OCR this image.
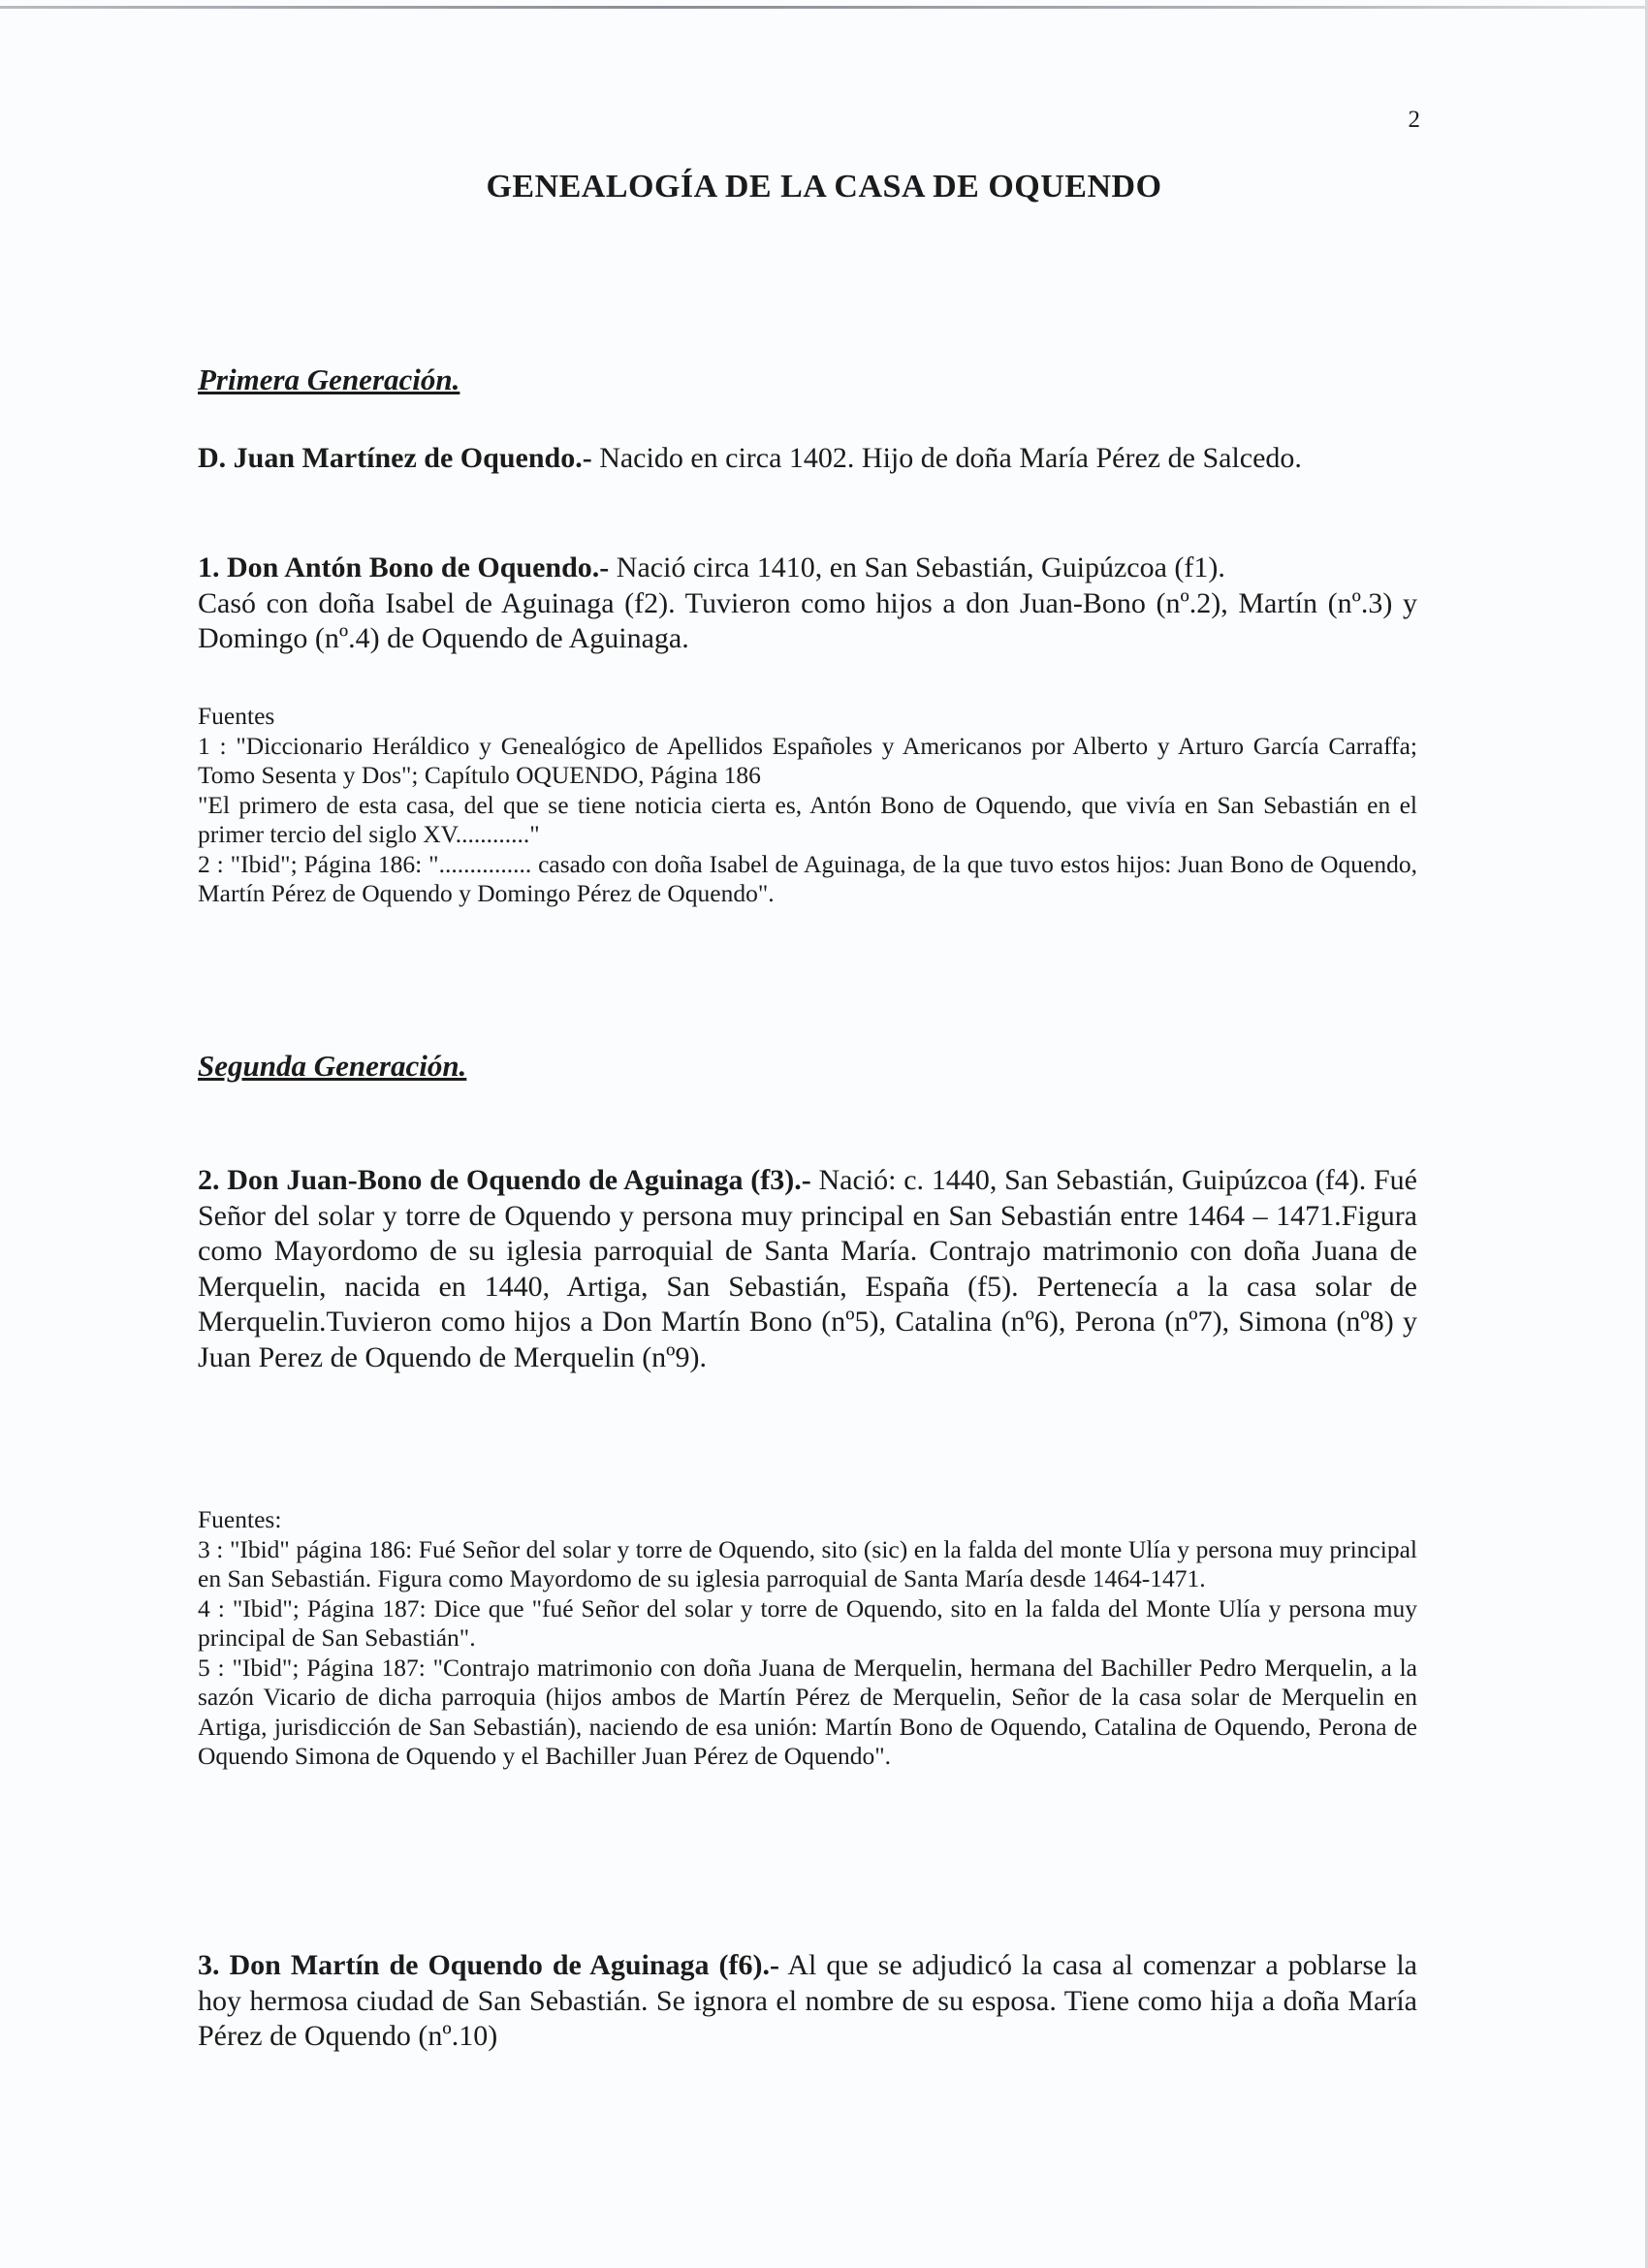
2
GENEALOGÍA DE LA CASA DE OQUENDO
Primera Generación.

D. Juan Martínez de Oquendo.- Nacido en circa 1402. Hijo de doña María Pérez de Salcedo.

1. Don Antón Bono de Oquendo.- Nació circa 1410, en San Sebastián, Guipúzcoa (f1).

Casó con doña Isabel de Aguinaga (f2). Tuvieron como hijos a don Juan-Bono (nº.2), Martín (nº.3) y Domingo (nº.4) de Oquendo de Aguinaga.

Fuentes

1 : "Diccionario Heráldico y Genealógico de Apellidos Españoles y Americanos por Alberto y Arturo García Carraffa; Tomo Sesenta y Dos"; Capítulo OQUENDO, Página 186

"El primero de esta casa, del que se tiene noticia cierta es, Antón Bono de Oquendo, que vivía en San Sebastián en el primer tercio del siglo XV............"

2 : "Ibid"; Página 186: "............... casado con doña Isabel de Aguinaga, de la que tuvo estos hijos: Juan Bono de Oquendo, Martín Pérez de Oquendo y Domingo Pérez de Oquendo".

Segunda Generación.

2. Don Juan-Bono de Oquendo de Aguinaga (f3).- Nació: c. 1440, San Sebastián, Guipúzcoa (f4). Fué Señor del solar y torre de Oquendo y persona muy principal en San Sebastián entre 1464 – 1471.Figura como Mayordomo de su iglesia parroquial de Santa María. Contrajo matrimonio con doña Juana de Merquelin, nacida en 1440, Artiga, San Sebastián, España (f5). Pertenecía a la casa solar de Merquelin.Tuvieron como hijos a Don Martín Bono (nº5), Catalina (nº6), Perona (nº7), Simona (nº8) y Juan Perez de Oquendo de Merquelin (nº9).

Fuentes:

3 : "Ibid" página 186: Fué Señor del solar y torre de Oquendo, sito (sic) en la falda del monte Ulía y persona muy principal en San Sebastián. Figura como Mayordomo de su iglesia parroquial de Santa María desde 1464-1471.

4 : "Ibid"; Página 187: Dice que "fué Señor del solar y torre de Oquendo, sito en la falda del Monte Ulía y persona muy principal de San Sebastián".

5 : "Ibid"; Página 187: "Contrajo matrimonio con doña Juana de Merquelin, hermana del Bachiller Pedro Merquelin, a la sazón Vicario de dicha parroquia (hijos ambos de Martín Pérez de Merquelin, Señor de la casa solar de Merquelin en Artiga, jurisdicción de San Sebastián), naciendo de esa unión: Martín Bono de Oquendo, Catalina de Oquendo, Perona de Oquendo Simona de Oquendo y el Bachiller Juan Pérez de Oquendo".

3. Don Martín de Oquendo de Aguinaga (f6).- Al que se adjudicó la casa al comenzar a poblarse la hoy hermosa ciudad de San Sebastián. Se ignora el nombre de su esposa. Tiene como hija a doña María Pérez de Oquendo (nº.10)
